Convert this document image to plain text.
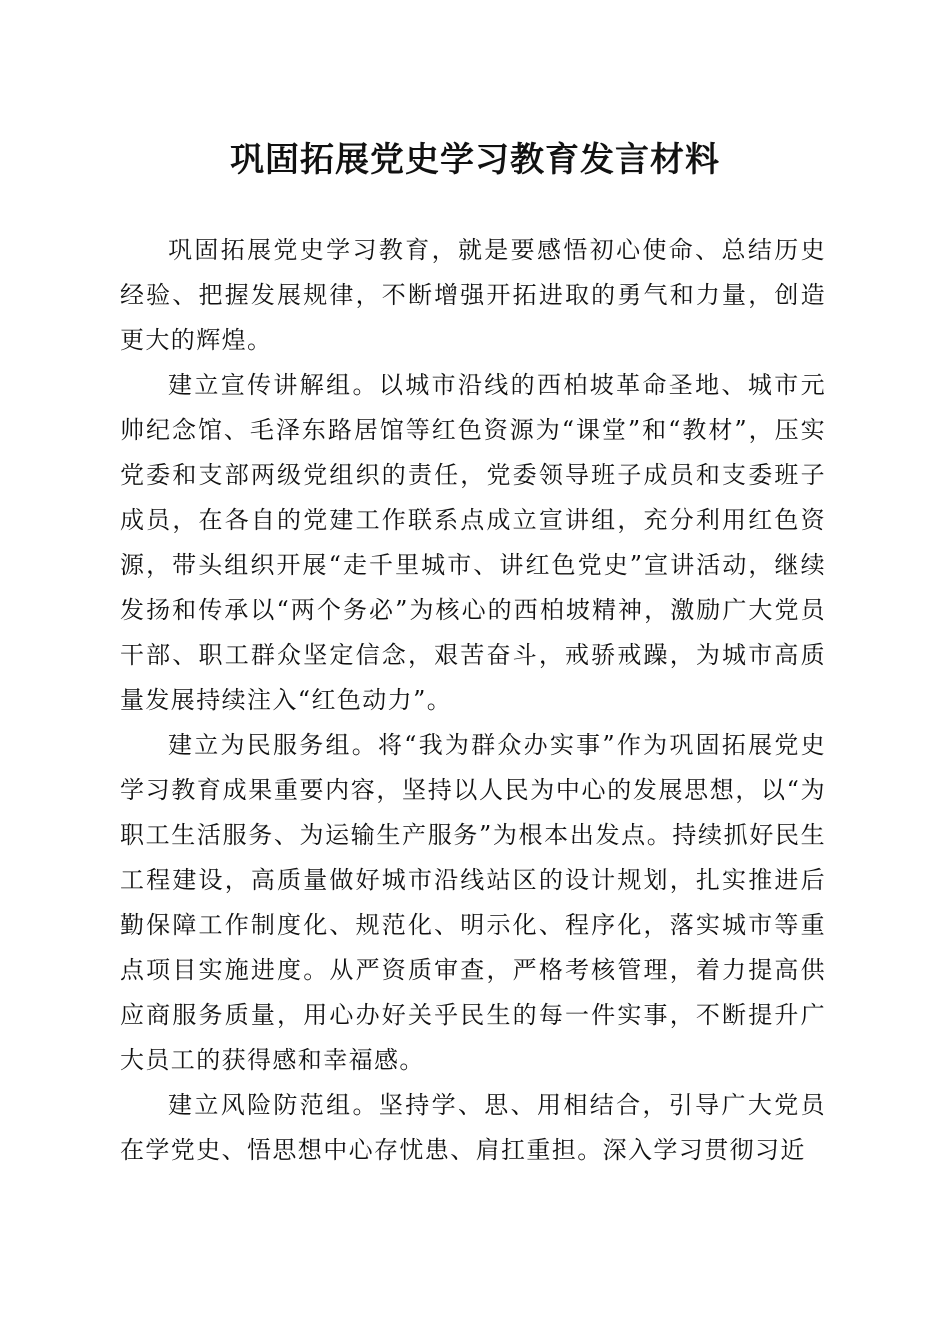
巩固拓展党史学习教育发言材料

巩固拓展党史学习教育，就是要感悟初心使命、总结历史经验、把握发展规律，不断增强开拓进取的勇气和力量，创造更大的辉煌。

建立宣传讲解组。以城市沿线的西柏坡革命圣地、城市元帅纪念馆、毛泽东路居馆等红色资源为“课堂”和“教材”，压实党委和支部两级党组织的责任，党委领导班子成员和支委班子成员，在各自的党建工作联系点成立宣讲组，充分利用红色资源，带头组织开展“走千里城市、讲红色党史”宣讲活动，继续发扬和传承以“两个务必”为核心的西柏坡精神，激励广大党员干部、职工群众坚定信念，艰苦奋斗，戒骄戒躁，为城市高质量发展持续注入“红色动力”。

建立为民服务组。将“我为群众办实事”作为巩固拓展党史学习教育成果重要内容，坚持以人民为中心的发展思想，以“为职工生活服务、为运输生产服务”为根本出发点。持续抓好民生工程建设，高质量做好城市沿线站区的设计规划，扎实推进后勤保障工作制度化、规范化、明示化、程序化，落实城市等重点项目实施进度。从严资质审查，严格考核管理，着力提高供应商服务质量，用心办好关乎民生的每一件实事，不断提升广大员工的获得感和幸福感。

建立风险防范组。坚持学、思、用相结合，引导广大党员在学党史、悟思想中心存忧患、肩扛重担。深入学习贯彻习近
